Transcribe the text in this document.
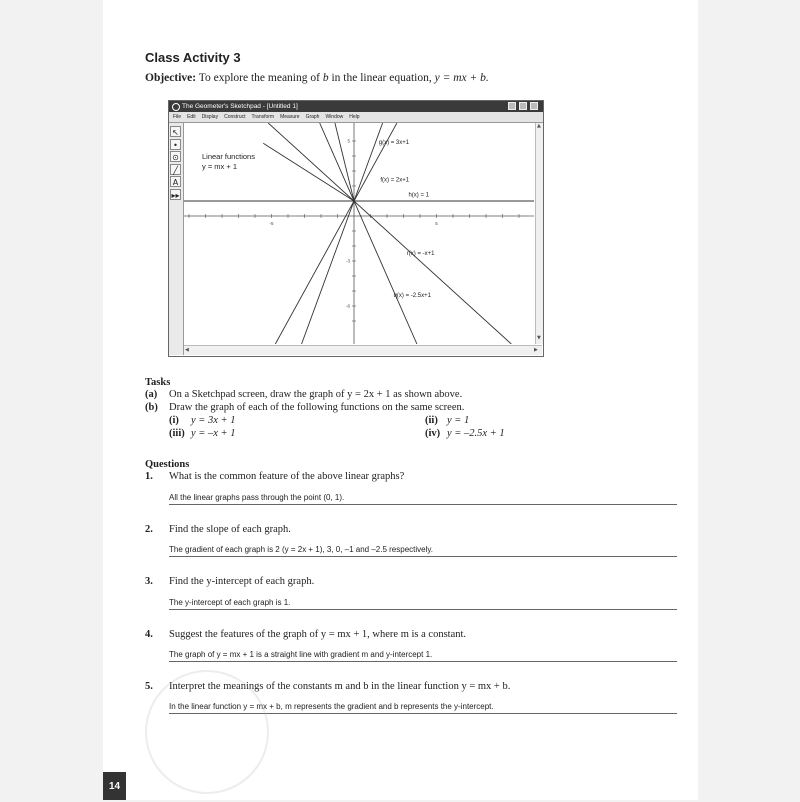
Class Activity 3
Objective: To explore the meaning of b in the linear equation, y = mx + b.
The Geometer's Sketchpad - [Untitled 1]
File Edit Display Construct Transform Measure Graph Window Help
↖
•
⊙
╱
A
▸▸
-5	5
5
-3
-6
Linear functions
y = mx + 1
g(x) = 3x+1
f(x) = 2x+1
h(x) = 1
r(x) = -x+1
q(x) = -2.5x+1
▲
▼
◀	▶
Tasks
(a) On a Sketchpad screen, draw the graph of y = 2x + 1 as shown above.
(b) Draw the graph of each of the following functions on the same screen.
(i) y = 3x + 1	(ii) y = 1
(iii) y = –x + 1	(iv) y = –2.5x + 1
Questions
1. What is the common feature of the above linear graphs?
All the linear graphs pass through the point (0, 1).
2. Find the slope of each graph.
The gradient of each graph is 2 (y = 2x + 1), 3, 0, –1 and –2.5 respectively.
3. Find the y-intercept of each graph.
The y-intercept of each graph is 1.
4. Suggest the features of the graph of y = mx + 1, where m is a constant.
The graph of y = mx + 1 is a straight line with gradient m and y-intercept 1.
5. Interpret the meanings of the constants m and b in the linear function y = mx + b.
In the linear function y = mx + b, m represents the gradient and b represents the y-intercept.
14
